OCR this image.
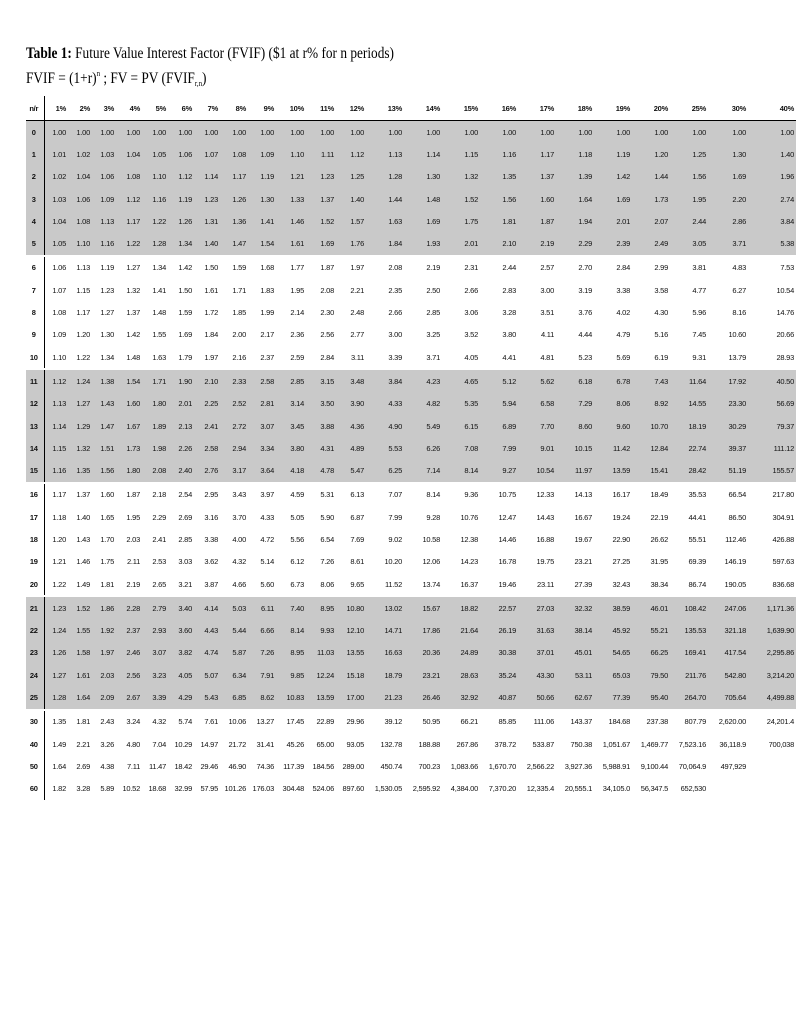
Table 1: Future Value Interest Factor (FVIF) ($1 at r% for n periods)
FVIF = $(1+r)^n$ ; FV = PV $(FVIF_{r,n})$
n/r	1%	2%	3%	4%	5%	6%	7%	8%	9%	10%	11%	12%	13%	14%	15%	16%	17%	18%	19%	20%	25%	30%	40%
0	1.00	1.00	1.00	1.00	1.00	1.00	1.00	1.00	1.00	1.00	1.00	1.00	1.00	1.00	1.00	1.00	1.00	1.00	1.00	1.00	1.00	1.00	1.00
1	1.01	1.02	1.03	1.04	1.05	1.06	1.07	1.08	1.09	1.10	1.11	1.12	1.13	1.14	1.15	1.16	1.17	1.18	1.19	1.20	1.25	1.30	1.40
2	1.02	1.04	1.06	1.08	1.10	1.12	1.14	1.17	1.19	1.21	1.23	1.25	1.28	1.30	1.32	1.35	1.37	1.39	1.42	1.44	1.56	1.69	1.96
3	1.03	1.06	1.09	1.12	1.16	1.19	1.23	1.26	1.30	1.33	1.37	1.40	1.44	1.48	1.52	1.56	1.60	1.64	1.69	1.73	1.95	2.20	2.74
4	1.04	1.08	1.13	1.17	1.22	1.26	1.31	1.36	1.41	1.46	1.52	1.57	1.63	1.69	1.75	1.81	1.87	1.94	2.01	2.07	2.44	2.86	3.84
5	1.05	1.10	1.16	1.22	1.28	1.34	1.40	1.47	1.54	1.61	1.69	1.76	1.84	1.93	2.01	2.10	2.19	2.29	2.39	2.49	3.05	3.71	5.38
6	1.06	1.13	1.19	1.27	1.34	1.42	1.50	1.59	1.68	1.77	1.87	1.97	2.08	2.19	2.31	2.44	2.57	2.70	2.84	2.99	3.81	4.83	7.53
7	1.07	1.15	1.23	1.32	1.41	1.50	1.61	1.71	1.83	1.95	2.08	2.21	2.35	2.50	2.66	2.83	3.00	3.19	3.38	3.58	4.77	6.27	10.54
8	1.08	1.17	1.27	1.37	1.48	1.59	1.72	1.85	1.99	2.14	2.30	2.48	2.66	2.85	3.06	3.28	3.51	3.76	4.02	4.30	5.96	8.16	14.76
9	1.09	1.20	1.30	1.42	1.55	1.69	1.84	2.00	2.17	2.36	2.56	2.77	3.00	3.25	3.52	3.80	4.11	4.44	4.79	5.16	7.45	10.60	20.66
10	1.10	1.22	1.34	1.48	1.63	1.79	1.97	2.16	2.37	2.59	2.84	3.11	3.39	3.71	4.05	4.41	4.81	5.23	5.69	6.19	9.31	13.79	28.93
11	1.12	1.24	1.38	1.54	1.71	1.90	2.10	2.33	2.58	2.85	3.15	3.48	3.84	4.23	4.65	5.12	5.62	6.18	6.78	7.43	11.64	17.92	40.50
12	1.13	1.27	1.43	1.60	1.80	2.01	2.25	2.52	2.81	3.14	3.50	3.90	4.33	4.82	5.35	5.94	6.58	7.29	8.06	8.92	14.55	23.30	56.69
13	1.14	1.29	1.47	1.67	1.89	2.13	2.41	2.72	3.07	3.45	3.88	4.36	4.90	5.49	6.15	6.89	7.70	8.60	9.60	10.70	18.19	30.29	79.37
14	1.15	1.32	1.51	1.73	1.98	2.26	2.58	2.94	3.34	3.80	4.31	4.89	5.53	6.26	7.08	7.99	9.01	10.15	11.42	12.84	22.74	39.37	111.12
15	1.16	1.35	1.56	1.80	2.08	2.40	2.76	3.17	3.64	4.18	4.78	5.47	6.25	7.14	8.14	9.27	10.54	11.97	13.59	15.41	28.42	51.19	155.57
16	1.17	1.37	1.60	1.87	2.18	2.54	2.95	3.43	3.97	4.59	5.31	6.13	7.07	8.14	9.36	10.75	12.33	14.13	16.17	18.49	35.53	66.54	217.80
17	1.18	1.40	1.65	1.95	2.29	2.69	3.16	3.70	4.33	5.05	5.90	6.87	7.99	9.28	10.76	12.47	14.43	16.67	19.24	22.19	44.41	86.50	304.91
18	1.20	1.43	1.70	2.03	2.41	2.85	3.38	4.00	4.72	5.56	6.54	7.69	9.02	10.58	12.38	14.46	16.88	19.67	22.90	26.62	55.51	112.46	426.88
19	1.21	1.46	1.75	2.11	2.53	3.03	3.62	4.32	5.14	6.12	7.26	8.61	10.20	12.06	14.23	16.78	19.75	23.21	27.25	31.95	69.39	146.19	597.63
20	1.22	1.49	1.81	2.19	2.65	3.21	3.87	4.66	5.60	6.73	8.06	9.65	11.52	13.74	16.37	19.46	23.11	27.39	32.43	38.34	86.74	190.05	836.68
21	1.23	1.52	1.86	2.28	2.79	3.40	4.14	5.03	6.11	7.40	8.95	10.80	13.02	15.67	18.82	22.57	27.03	32.32	38.59	46.01	108.42	247.06	1,171.36
22	1.24	1.55	1.92	2.37	2.93	3.60	4.43	5.44	6.66	8.14	9.93	12.10	14.71	17.86	21.64	26.19	31.63	38.14	45.92	55.21	135.53	321.18	1,639.90
23	1.26	1.58	1.97	2.46	3.07	3.82	4.74	5.87	7.26	8.95	11.03	13.55	16.63	20.36	24.89	30.38	37.01	45.01	54.65	66.25	169.41	417.54	2,295.86
24	1.27	1.61	2.03	2.56	3.23	4.05	5.07	6.34	7.91	9.85	12.24	15.18	18.79	23.21	28.63	35.24	43.30	53.11	65.03	79.50	211.76	542.80	3,214.20
25	1.28	1.64	2.09	2.67	3.39	4.29	5.43	6.85	8.62	10.83	13.59	17.00	21.23	26.46	32.92	40.87	50.66	62.67	77.39	95.40	264.70	705.64	4,499.88
30	1.35	1.81	2.43	3.24	4.32	5.74	7.61	10.06	13.27	17.45	22.89	29.96	39.12	50.95	66.21	85.85	111.06	143.37	184.68	237.38	807.79	2,620.00	24,201.4
40	1.49	2.21	3.26	4.80	7.04	10.29	14.97	21.72	31.41	45.26	65.00	93.05	132.78	188.88	267.86	378.72	533.87	750.38	1,051.67	1,469.77	7,523.16	36,118.9	700,038
50	1.64	2.69	4.38	7.11	11.47	18.42	29.46	46.90	74.36	117.39	184.56	289.00	450.74	700.23	1,083.66	1,670.70	2,566.22	3,927.36	5,988.91	9,100.44	70,064.9	497,929	
60	1.82	3.28	5.89	10.52	18.68	32.99	57.95	101.26	176.03	304.48	524.06	897.60	1,530.05	2,595.92	4,384.00	7,370.20	12,335.4	20,555.1	34,105.0	56,347.5	652,530		
